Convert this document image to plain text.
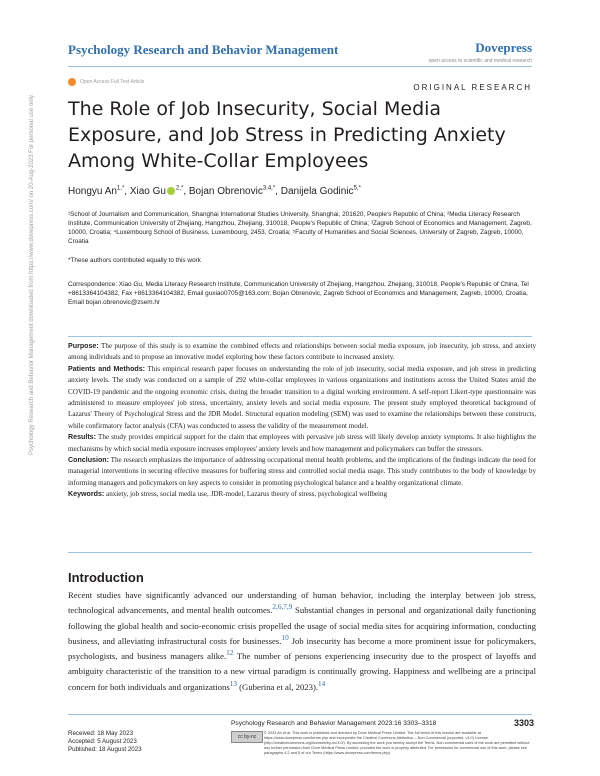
Psychology Research and Behavior Management	Dovepress
open access to scientific and medical research
Open Access Full Text Article
ORIGINAL RESEARCH
The Role of Job Insecurity, Social Media Exposure, and Job Stress in Predicting Anxiety Among White-Collar Employees
Hongyu $An^{1,*}$, Xiao Gu $^{2,*}$, Bojan Obrenovic$^{3,4,*}$, Danijela Godinic$^{5,*}$
¹School of Journalism and Communication, Shanghai International Studies University, Shanghai, 201620, People's Republic of China; ²Media Literacy Research Institute, Communication University of Zhejiang, Hangzhou, Zhejiang, 310018, People's Republic of China; ³Zagreb School of Economics and Management, Zagreb, 10000, Croatia; ⁴Luxembourg School of Business, Luxembourg, 2453, Croatia; ⁵Faculty of Humanities and Social Sciences, University of Zagreb, Zagreb, 10000, Croatia
*These authors contributed equally to this work
Correspondence: Xiao Gu, Media Literacy Research Institute, Communication University of Zhejiang, Hangzhou, Zhejiang, 310018, People's Republic of China, Tel +8613364104382, Fax +8613364104382, Email guxiao0705@163.com; Bojan Obrenovic, Zagreb School of Economics and Management, Zagreb, 10000, Croatia, Email bojan.obrenovic@zsem.hr

Purpose: The purpose of this study is to examine the combined effects and relationships between social media exposure, job insecurity, job stress, and anxiety among individuals and to propose an innovative model exploring how these factors contribute to increased anxiety.

Patients and Methods: This empirical research paper focuses on understanding the role of job insecurity, social media exposure, and job stress in predicting anxiety levels. The study was conducted on a sample of 292 white-collar employees in various organizations and institutions across the United States amid the COVID-19 pandemic and the ongoing economic crisis, during the broader transition to a digital working environment. A self-report Likert-type questionnaire was administered to measure employees' job stress, uncertainty, anxiety levels and social media exposure. The present study employed theoretical background of Lazarus' Theory of Psychological Stress and the JDR Model. Structural equation modeling (SEM) was used to examine the relationships between these constructs, while confirmatory factor analysis (CFA) was conducted to assess the validity of the measurement model.

Results: The study provides empirical support for the claim that employees with pervasive job stress will likely develop anxiety symptoms. It also highlights the mechanisms by which social media exposure increases employees' anxiety levels and how management and policymakers can buffer the stressors.

Conclusion: The research emphasizes the importance of addressing occupational mental health problems, and the implications of the findings indicate the need for managerial interventions in securing effective measures for buffering stress and controlled social media usage. This study contributes to the body of knowledge by informing managers and policymakers on key aspects to consider in promoting psychological balance and a healthy organizational climate.

Keywords: anxiety, job stress, social media use, JDR-model, Lazarus theory of stress, psychological wellbeing

Introduction
Recent studies have significantly advanced our understanding of human behavior, including the interplay between job stress, technological advancements, and mental health outcomes.$^{2,6,7,9}$ Substantial changes in personal and organizational daily functioning following the global health and socio-economic crisis propelled the usage of social media sites for acquiring information, conducting business, and alleviating infrastructural costs for businesses.$^{10}$ Job insecurity has become a more prominent issue for policymakers, psychologists, and business managers alike.$^{12}$ The number of persons experiencing insecurity due to the prospect of layoffs and ambiguity characteristic of the transition to a new virtual paradigm is continually growing. Happiness and wellbeing are a principal concern for both individuals and organizations$^{13}$ (Guberina et al, 2023).$^{14}$
Psychology Research and Behavior Management downloaded from https://www.dovepress.com/ on 20-Aug-2023 For personal use only.
Received: 18 May 2023
Accepted: 5 August 2023
Published: 18 August 2023
Psychology Research and Behavior Management 2023:16 3303–3318	3303
cc by-nc
© 2023 An et al. This work is published and licensed by Dove Medical Press Limited. The full terms of this license are available at https://www.dovepress.com/terms.php and incorporate the Creative Commons Attribution – Non Commercial (unported, v3.0) License (http://creativecommons.org/licenses/by-nc/3.0/). By accessing the work you hereby accept the Terms. Non-commercial uses of the work are permitted without any further permission from Dove Medical Press Limited, provided the work is properly attributed. For permission for commercial use of this work, please see paragraphs 4.2 and 5 of our Terms (https://www.dovepress.com/terms.php).
